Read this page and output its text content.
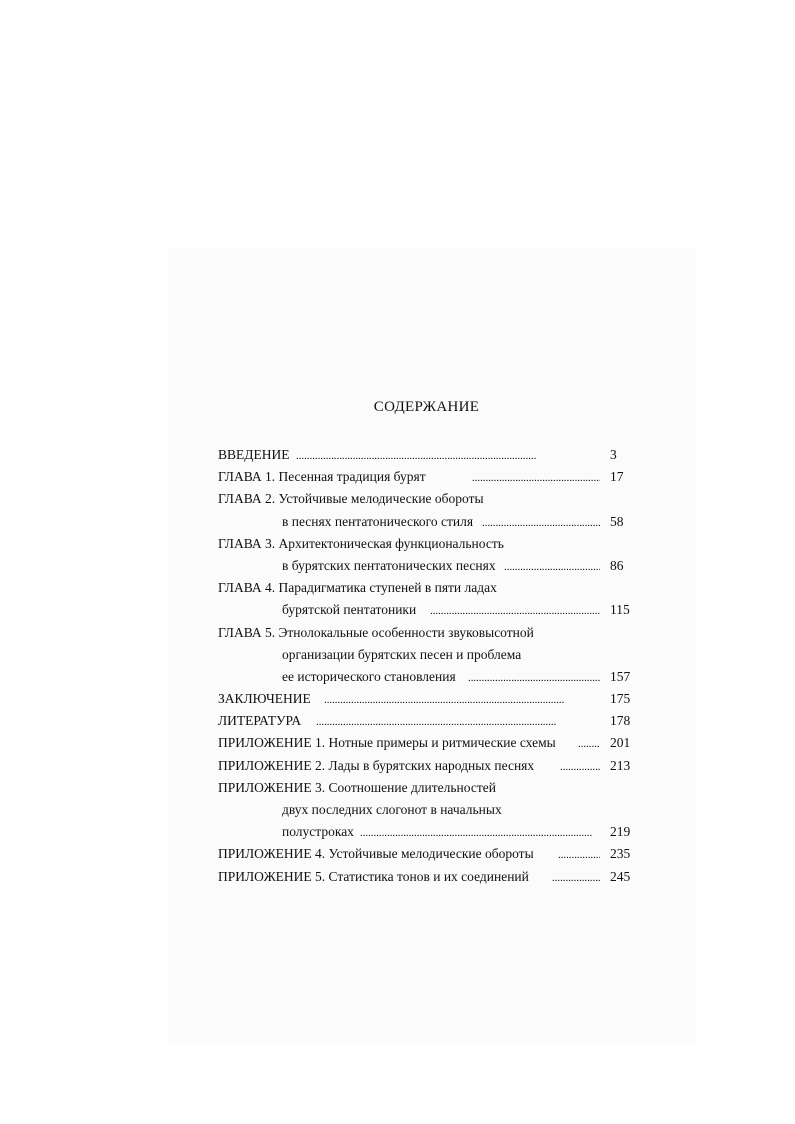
СОДЕРЖАНИЕ
ВВЕДЕНИЕ . . .	3
ГЛАВА 1. Песенная традиция бурят . . .	17
ГЛАВА 2. Устойчивые мелодические обороты
в песнях пентатонического стиля . . .	58
ГЛАВА 3. Архитектоническая функциональность
в бурятских пентатонических песнях . . .	86
ГЛАВА 4. Парадигматика ступеней в пяти ладах
бурятской пентатоники . . .	115
ГЛАВА 5. Этнолокальные особенности звуковысотной
организации бурятских песен и проблема
ее исторического становления . . .	157
ЗАКЛЮЧЕНИЕ . . .	175
ЛИТЕРАТУРА . . .	178
ПРИЛОЖЕНИЕ 1. Нотные примеры и ритмические схемы . . .	201
ПРИЛОЖЕНИЕ 2. Лады в бурятских народных песнях . . .	213
ПРИЛОЖЕНИЕ 3. Соотношение длительностей
двух последних слогонот в начальных
полустроках . . .	219
ПРИЛОЖЕНИЕ 4. Устойчивые мелодические обороты . . .	235
ПРИЛОЖЕНИЕ 5. Статистика тонов и их соединений . . .	245
